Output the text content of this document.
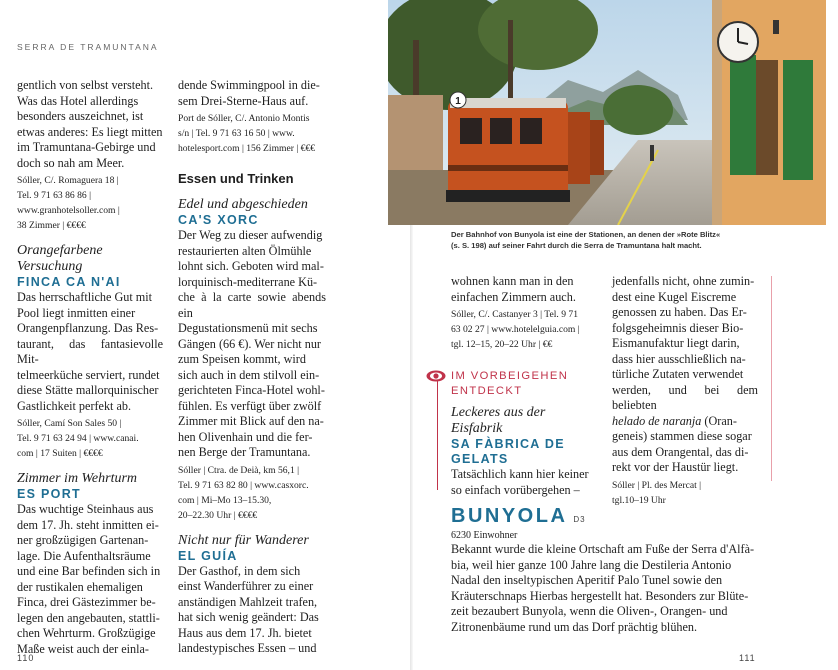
SERRA DE TRAMUNTANA
gentlich von selbst versteht.
Was das Hotel allerdings
besonders auszeichnet, ist
etwas anderes: Es liegt mitten
im Tramuntana-Gebirge und
doch so nah am Meer.
Sóller, C/. Romaguera 18 |
Tel. 9 71 63 86 86 |
www.granhotelsoller.com |
38 Zimmer | €€€€
Orangefarbene
Versuchung
FINCA CA N'AI
Das herrschaftliche Gut mit
Pool liegt inmitten einer
Orangenpflanzung. Das Res-
taurant, das fantasievolle Mit-
telmeerküche serviert, rundet
diese Stätte mallorquinischer
Gastlichkeit perfekt ab.
Sóller, Camí Son Sales 50 |
Tel. 9 71 63 24 94 | www.canai.
com | 17 Suiten | €€€€
Zimmer im Wehrturm
ES PORT
Das wuchtige Steinhaus aus
dem 17. Jh. steht inmitten ei-
ner großzügigen Gartenan-
lage. Die Aufenthaltsräume
und eine Bar befinden sich in
der rustikalen ehemaligen
Finca, drei Gästezimmer be-
legen den angebauten, stattli-
chen Wehrturm. Großzügige
Maße weist auch der einla-
dende Swimmingpool in die-
sem Drei-Sterne-Haus auf.
Port de Sóller, C/. Antonio Montis
s/n | Tel. 9 71 63 16 50 | www.
hotelesport.com | 156 Zimmer | €€€
Essen und Trinken
Edel und abgeschieden
CA'S XORC
Der Weg zu dieser aufwendig
restaurierten alten Ölmühle
lohnt sich. Geboten wird mal-
lorquinisch-mediterrane Kü-
che à la carte sowie abends ein
Degustationsmenü mit sechs
Gängen (66 €). Wer nicht nur
zum Speisen kommt, wird
sich auch in dem stilvoll ein-
gerichteten Finca-Hotel wohl-
fühlen. Es verfügt über zwölf
Zimmer mit Blick auf den na-
hen Olivenhain und die fer-
nen Berge der Tramuntana.
Sóller | Ctra. de Deià, km 56,1 |
Tel. 9 71 63 82 80 | www.casxorc.
com | Mi–Mo 13–15.30,
20–22.30 Uhr | €€€€
Nicht nur für Wanderer
EL GUÍA
Der Gasthof, in dem sich
einst Wanderführer zu einer
anständigen Mahlzeit trafen,
hat sich wenig geändert: Das
Haus aus dem 17. Jh. bietet
landestypisches Essen – und
1
Der Bahnhof von Bunyola ist eine der Stationen, an denen der »Rote Blitz«
(s. S. 198) auf seiner Fahrt durch die Serra de Tramuntana halt macht.
wohnen kann man in den
einfachen Zimmern auch.
Sóller, C/. Castanyer 3 | Tel. 9 71
63 02 27 | www.hotelelguia.com |
tgl. 12–15, 20–22 Uhr | €€
IM VORBEIGEHEN
ENTDECKT
Leckeres aus der Eisfabrik
SA FÀBRICA DE
GELATS
Tatsächlich kann hier keiner
so einfach vorübergehen –
jedenfalls nicht, ohne zumin-
dest eine Kugel Eiscreme
genossen zu haben. Das Er-
folgsgeheimnis dieser Bio-
Eismanufaktur liegt darin,
dass hier ausschließlich na-
türliche Zutaten verwendet
werden, und bei dem beliebten
helado de naranja (Oran-
geneis) stammen diese sogar
aus dem Orangental, das di-
rekt vor der Haustür liegt.
Sóller | Pl. des Mercat |
tgl.10–19 Uhr
BUNYOLA D3
6230 Einwohner
Bekannt wurde die kleine Ortschaft am Fuße der Serra d'Alfà-
bia, weil hier ganze 100 Jahre lang die Destileria Antonio
Nadal den inseltypischen Aperitif Palo Tunel sowie den
Kräuterschnaps Hierbas hergestellt hat. Besonders zur Blüte-
zeit bezaubert Bunyola, wenn die Oliven-, Orangen- und
Zitronenbäume rund um das Dorf prächtig blühen.
110	111
